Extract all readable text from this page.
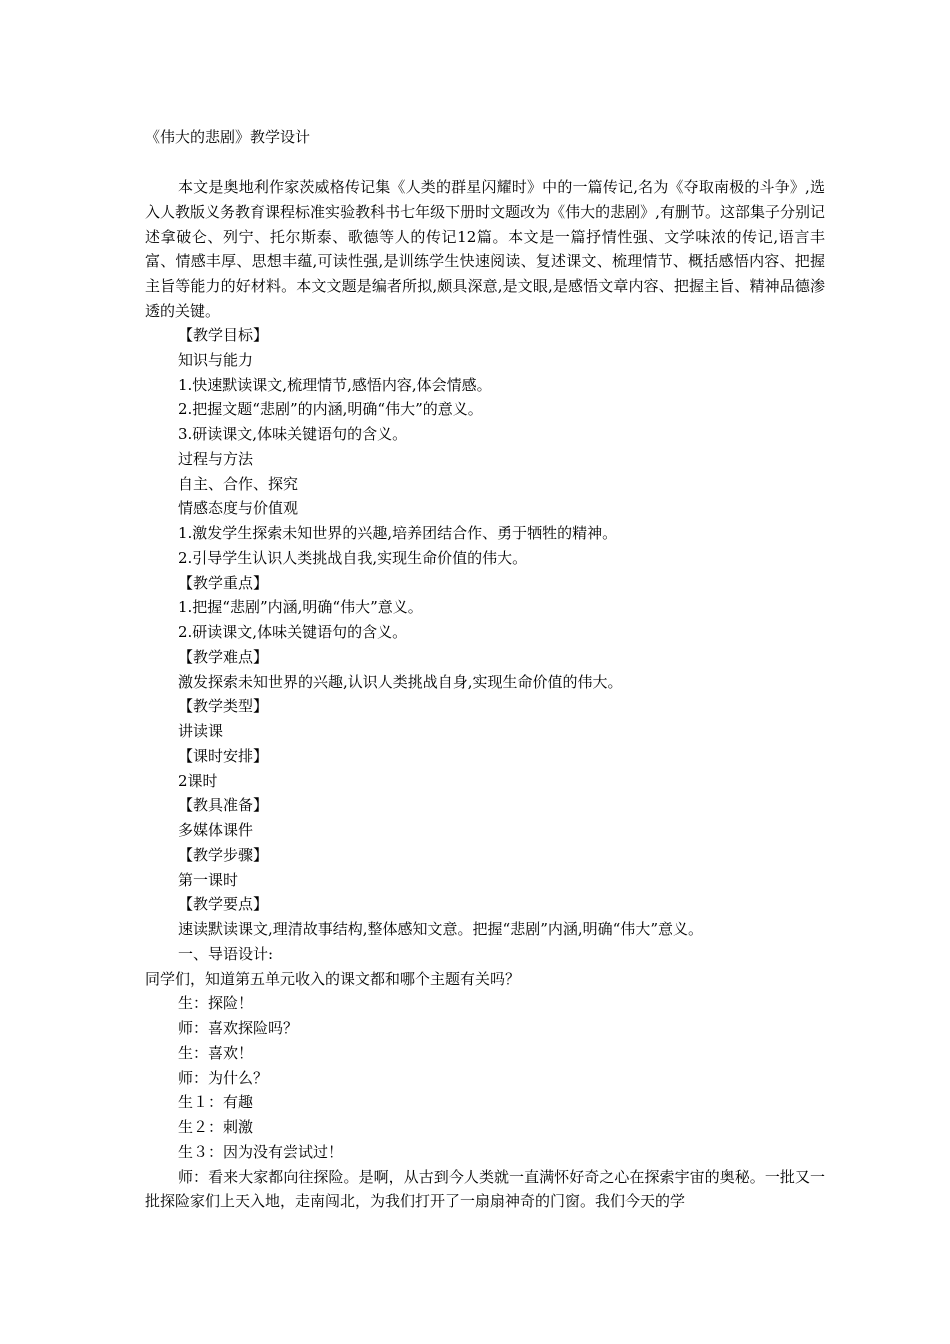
《伟大的悲剧》教学设计

本文是奥地利作家茨威格传记集《人类的群星闪耀时》中的一篇传记,名为《夺取南极的斗争》,选入人教版义务教育课程标准实验教科书七年级下册时文题改为《伟大的悲剧》,有删节。这部集子分别记述拿破仑、列宁、托尔斯泰、歌德等人的传记12篇。本文是一篇抒情性强、文学味浓的传记,语言丰富、情感丰厚、思想丰蕴,可读性强,是训练学生快速阅读、复述课文、梳理情节、概括感悟内容、把握主旨等能力的好材料。本文文题是编者所拟,颇具深意,是文眼,是感悟文章内容、把握主旨、精神品德渗透的关键。

【教学目标】
知识与能力
1.快速默读课文,梳理情节,感悟内容,体会情感。
2.把握文题“悲剧”的内涵,明确“伟大”的意义。
3.研读课文,体味关键语句的含义。
过程与方法
自主、合作、探究
情感态度与价值观
1.激发学生探索未知世界的兴趣,培养团结合作、勇于牺牲的精神。
2.引导学生认识人类挑战自我,实现生命价值的伟大。
【教学重点】
1.把握“悲剧”内涵,明确“伟大”意义。
2.研读课文,体味关键语句的含义。
【教学难点】
激发探索未知世界的兴趣,认识人类挑战自身,实现生命价值的伟大。
【教学类型】
讲读课
【课时安排】
2课时
【教具准备】
多媒体课件
【教学步骤】
第一课时
【教学要点】
速读默读课文,理清故事结构,整体感知文意。把握“悲剧”内涵,明确“伟大”意义。
一、导语设计:
同学们，知道第五单元收入的课文都和哪个主题有关吗？
生：探险！
师：喜欢探险吗？
生：喜欢！
师：为什么？
生１：有趣
生２：刺激
生３：因为没有尝试过！
师：看来大家都向往探险。是啊，从古到今人类就一直满怀好奇之心在探索宇宙的奥秘。一批又一批探险家们上天入地，走南闯北，为我们打开了一扇扇神奇的门窗。我们今天的学
